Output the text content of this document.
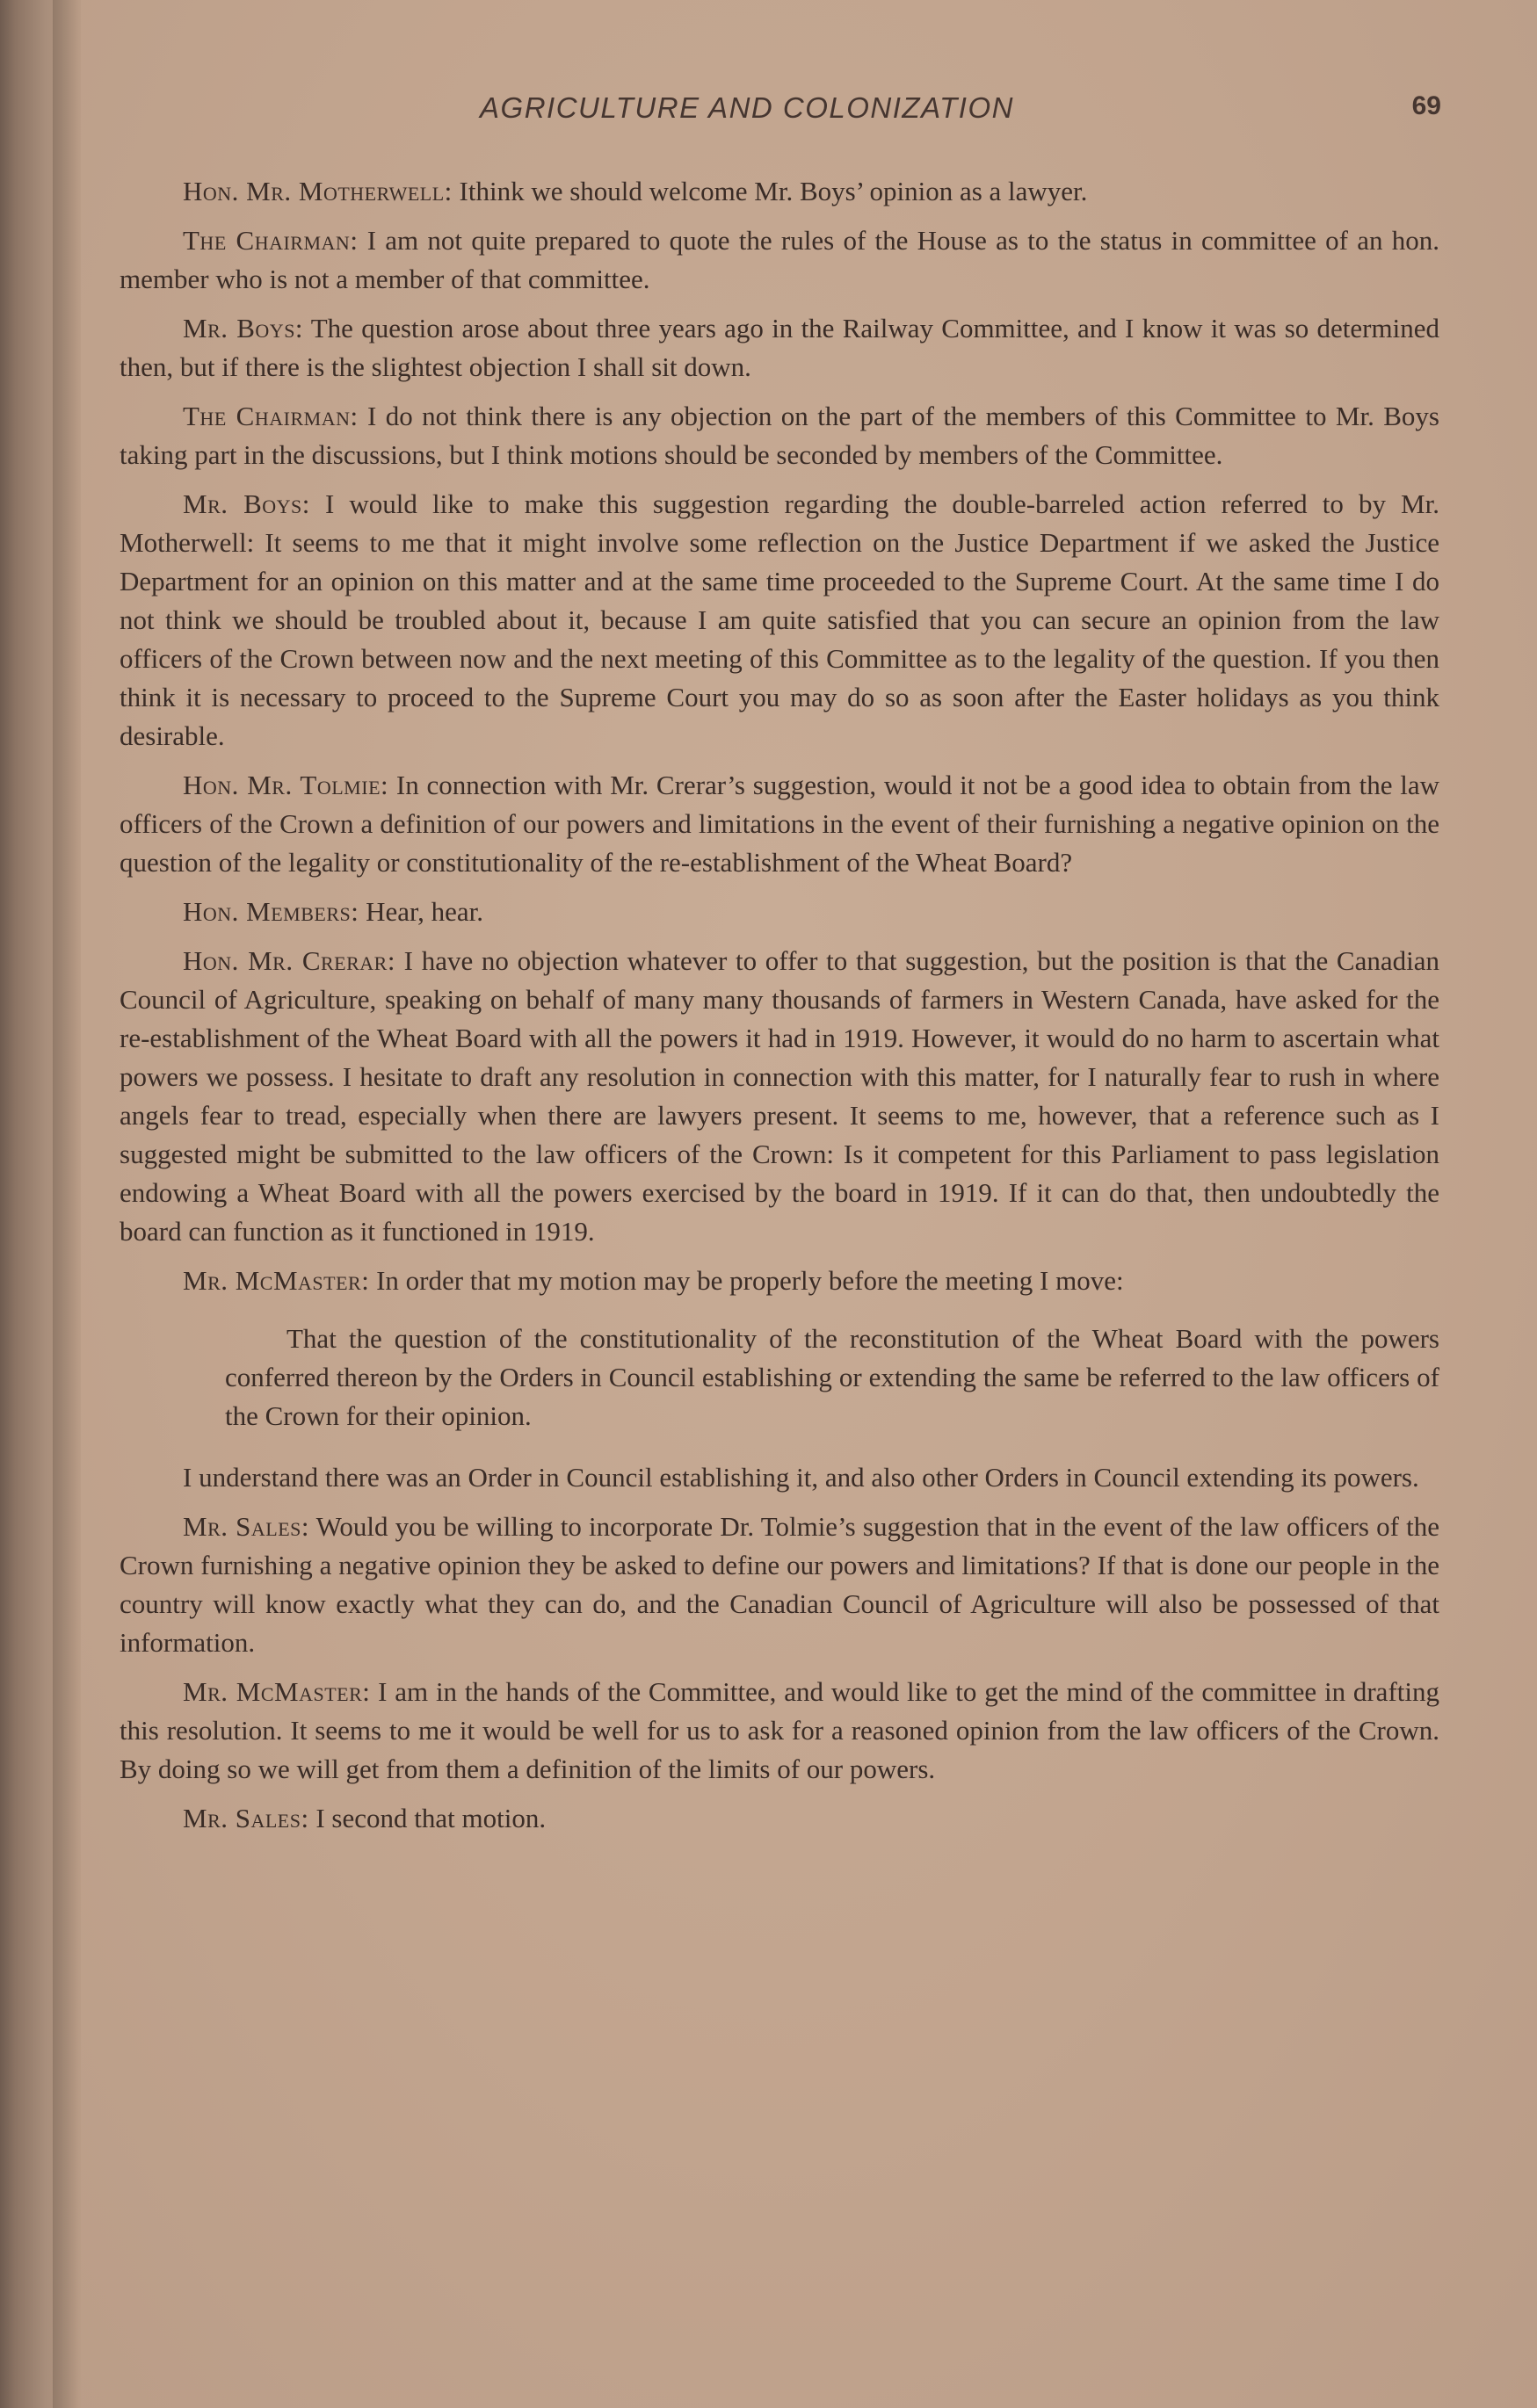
AGRICULTURE AND COLONIZATION	69

Hon. Mr. Motherwell: Ithink we should welcome Mr. Boys’ opinion as a lawyer.

The Chairman: I am not quite prepared to quote the rules of the House as to the status in committee of an hon. member who is not a member of that committee.

Mr. Boys: The question arose about three years ago in the Railway Committee, and I know it was so determined then, but if there is the slightest objection I shall sit down.

The Chairman: I do not think there is any objection on the part of the members of this Committee to Mr. Boys taking part in the discussions, but I think motions should be seconded by members of the Committee.

Mr. Boys: I would like to make this suggestion regarding the double-barreled action referred to by Mr. Motherwell: It seems to me that it might involve some reflection on the Justice Department if we asked the Justice Department for an opinion on this matter and at the same time proceeded to the Supreme Court. At the same time I do not think we should be troubled about it, because I am quite satisfied that you can secure an opinion from the law officers of the Crown between now and the next meeting of this Committee as to the legality of the question. If you then think it is necessary to proceed to the Supreme Court you may do so as soon after the Easter holidays as you think desirable.

Hon. Mr. Tolmie: In connection with Mr. Crerar’s suggestion, would it not be a good idea to obtain from the law officers of the Crown a definition of our powers and limitations in the event of their furnishing a negative opinion on the question of the legality or constitutionality of the re-establishment of the Wheat Board?

Hon. Members: Hear, hear.

Hon. Mr. Crerar: I have no objection whatever to offer to that suggestion, but the position is that the Canadian Council of Agriculture, speaking on behalf of many many thousands of farmers in Western Canada, have asked for the re-establishment of the Wheat Board with all the powers it had in 1919. However, it would do no harm to ascertain what powers we possess. I hesitate to draft any resolution in connection with this matter, for I naturally fear to rush in where angels fear to tread, especially when there are lawyers present. It seems to me, however, that a reference such as I suggested might be submitted to the law officers of the Crown: Is it competent for this Parliament to pass legislation endowing a Wheat Board with all the powers exercised by the board in 1919. If it can do that, then undoubtedly the board can function as it functioned in 1919.

Mr. McMaster: In order that my motion may be properly before the meeting I move:

That the question of the constitutionality of the reconstitution of the Wheat Board with the powers conferred thereon by the Orders in Council establishing or extending the same be referred to the law officers of the Crown for their opinion.

I understand there was an Order in Council establishing it, and also other Orders in Council extending its powers.

Mr. Sales: Would you be willing to incorporate Dr. Tolmie’s suggestion that in the event of the law officers of the Crown furnishing a negative opinion they be asked to define our powers and limitations? If that is done our people in the country will know exactly what they can do, and the Canadian Council of Agriculture will also be possessed of that information.

Mr. McMaster: I am in the hands of the Committee, and would like to get the mind of the committee in drafting this resolution. It seems to me it would be well for us to ask for a reasoned opinion from the law officers of the Crown. By doing so we will get from them a definition of the limits of our powers.

Mr. Sales: I second that motion.
